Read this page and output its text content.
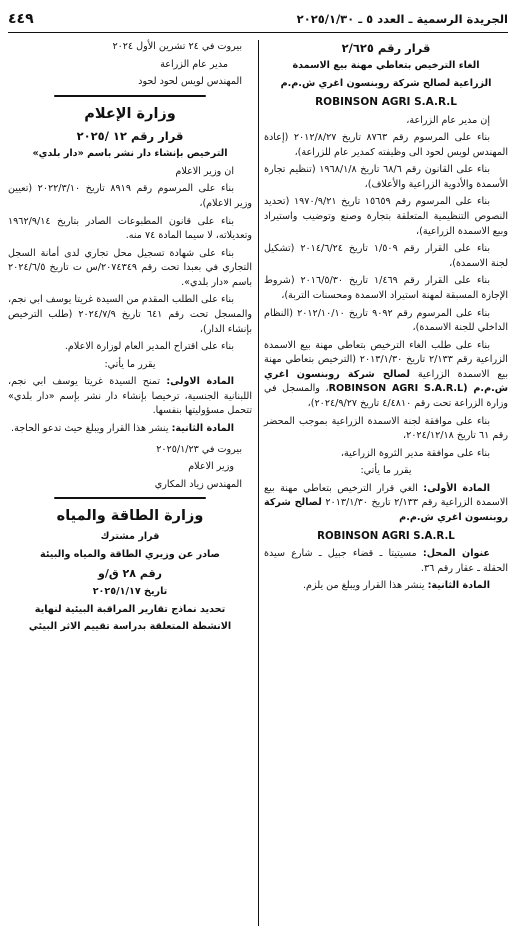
الجريدة الرسمية ـ العدد ٥ ـ ٢٠٢٥/١/٣٠
٤٤٩

قرار رقم ٢/٦٢٥

الغاء الترخيص بتعاطي مهنة بيع الاسمدة

الزراعية لصالح شركة روبنسون اغري ش.م.م

ROBINSON AGRI S.A.R.L

إن مدير عام الزراعة،

بناء على المرسوم رقم ٨٧٦٣ تاريخ ٢٠١٢/٨/٢٧ (إعادة المهندس لويس لحود الى وظيفته كمدير عام للزراعة)،

بناء على القانون رقم ٦٨/٦ تاريخ ١٩٦٨/١/٨ (تنظيم تجارة الأسمدة والأدوية الزراعية والأعلاف)،

بناء على المرسوم رقم ١٥٦٥٩ تاريخ ١٩٧٠/٩/٢١ (تحديد النصوص التنظيمية المتعلقة بتجارة وصنع وتوضيب واستيراد وبيع الاسمدة الزراعية)،

بناء على القرار رقم ١/٥٠٩ تاريخ ٢٠١٤/٦/٢٤ (تشكيل لجنة الاسمدة)،

بناء على القرار رقم ١/٤٦٩ تاريخ ٢٠١٦/٥/٣٠ (شروط الإجازة المسبقة لمهنة استيراد الاسمدة ومحسنات التربة)،

بناء على المرسوم رقم ٩٠٩٢ تاريخ ٢٠١٢/١٠/١٠ (النظام الداخلي للجنة الاسمدة)،

بناء على طلب الغاء الترخيص بتعاطي مهنة بيع الاسمدة الزراعية رقم ٢/١٣٣ تاريخ ٢٠١٣/١/٣٠ (الترخيص بتعاطي مهنة بيع الاسمدة الزراعية لصالح شركة روبنسون اغري ش.م.م (ROBINSON AGRI S.A.R.L، والمسجل في وزارة الزراعة تحت رقم ٤/٤٨١٠ تاريخ ٢٠٢٤/٩/٢٧)،

بناء على موافقة لجنة الاسمدة الزراعية بموجب المحضر رقم ٦١ تاريخ ٢٠٢٤/١٢/١٨،

بناء على موافقة مدير الثروة الزراعية،

يقرر ما يأتي:

المادة الأولى: الغي قرار الترخيص بتعاطي مهنة بيع الاسمدة الزراعية رقم ٢/١٣٣ تاريخ ٢٠١٣/١/٣٠ لصالح شركة روبنسون اغري ش.م.م

ROBINSON AGRI S.A.R.L

عنوان المحل: مسيتيتا ـ قضاء جبيل ـ شارع سيدة الحقلة ـ عقار رقم ٣٦.

المادة الثانية: ينشر هذا القرار ويبلغ من يلزم.

بيروت في ٢٤ تشرين الأول ٢٠٢٤

مدير عام الزراعة

المهندس لويس لحود لحود

وزارة الإعلام

قرار رقم ١٢ /٢٠٢٥

الترخيص بإنشاء دار نشر باسم «دار بلدي»

ان وزير الاعلام

بناء على المرسوم رقم ٨٩١٩ تاريخ ٢٠٢٢/٣/١٠ (تعيين وزير الاعلام)،

بناء على قانون المطبوعات الصادر بتاريخ ١٩٦٢/٩/١٤ وتعديلاته، لا سيما المادة ٧٤ منه.

بناء على شهادة تسجيل محل تجاري لدى أمانة السجل التجاري في بعبدا تحت رقم ٢٠٧٤٣٤٩/س ت تاريخ ٢٠٢٤/٦/٥ باسم «دار بلدي».

بناء على الطلب المقدم من السيدة غريتا يوسف ابي نجم، والمسجل تحت رقم ٦٤١ تاريخ ٢٠٢٤/٧/٩ (طلب الترخيص بإنشاء الدار)،

بناء على اقتراح المدير العام لوزارة الاعلام.

يقرر ما يأتي:

المادة الاولى: تمنح السيدة غريتا يوسف ابي نجم، اللبنانية الجنسية، ترخيصا بإنشاء دار نشر بإسم «دار بلدي» تتحمل مسؤوليتها بنفسها.

المادة الثانية: ينشر هذا القرار ويبلغ حيث تدعو الحاجة.

بيروت في ٢٠٢٥/١/٢٣

وزير الاعلام

المهندس زياد المكاري

وزارة الطاقة والمياه

قرار مشترك

صادر عن وزيري الطاقة والمياه والبيئة

رقم ٢٨ ق/و

تاريخ ٢٠٢٥/١/١٧

تحديد نماذج تقارير المراقبة البيئية لنهاية

الانشطة المتعلقة بدراسة تقييم الاثر البيئي
